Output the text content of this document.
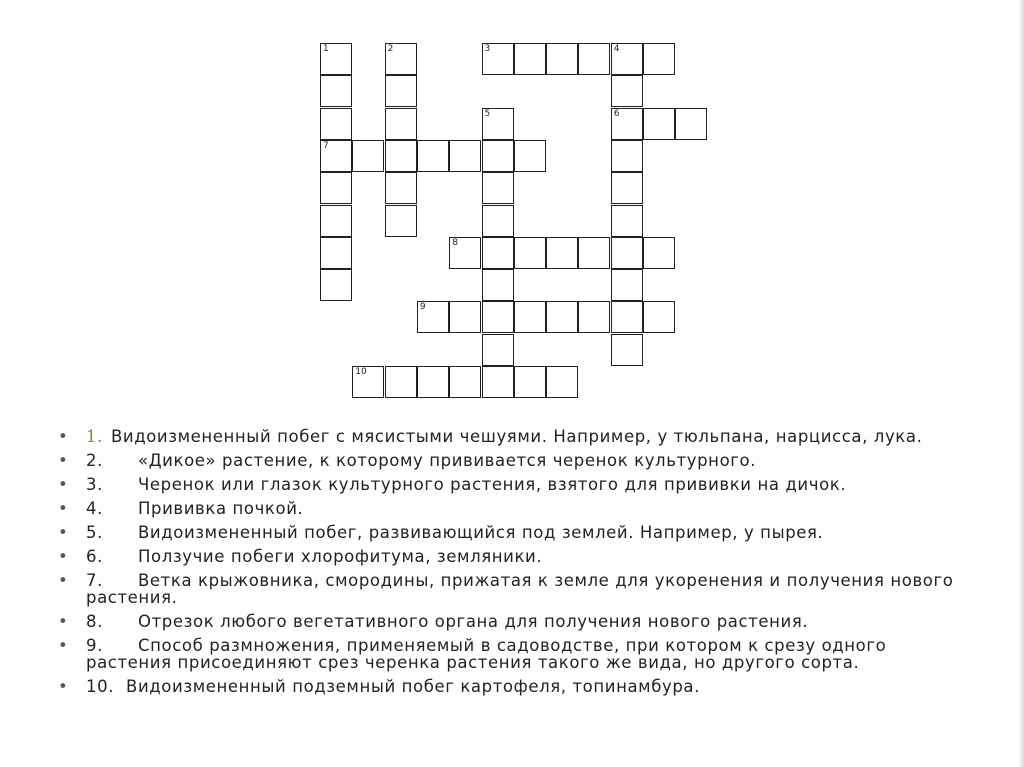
1
7
2	3	4
6
5
8
9
10
• 1. Видоизмененный побег с мясистыми чешуями. Например, у тюльпана, нарцисса, лука.
• 2. «Дикое» растение, к которому прививается черенок культурного.
• 3. Черенок или глазок культурного растения, взятого для прививки на дичок.
• 4. Прививка почкой.
• 5. Видоизмененный побег, развивающийся под землей. Например, у пырея.
• 6. Ползучие побеги хлорофитума, земляники.
• 7. Ветка крыжовника, смородины, прижатая к земле для укоренения и получения нового растения.
• 8. Отрезок любого вегетативного органа для получения нового растения.
• 9. Способ размножения, применяемый в садоводстве, при котором к срезу одного растения присоединяют срез черенка растения такого же вида, но другого сорта.
• 10. Видоизмененный подземный побег картофеля, топинамбура.
